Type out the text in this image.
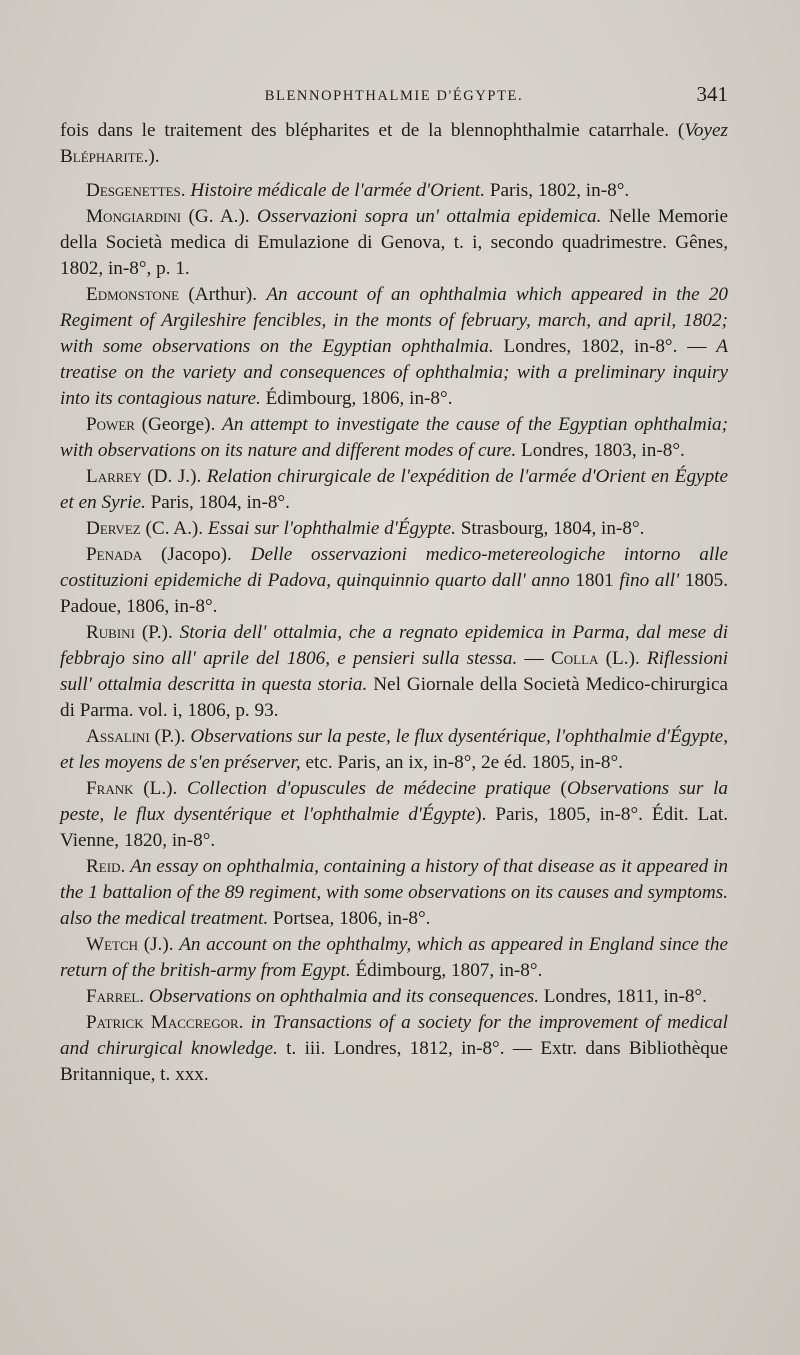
BLENNOPHTHALMIE D'ÉGYPTE.	341

fois dans le traitement des blépharites et de la blennophthalmie catarrhale. (Voyez Blépharite.).

Desgenettes. Histoire médicale de l'armée d'Orient. Paris, 1802, in-8°.

Mongiardini (G. A.). Osservazioni sopra un' ottalmia epidemica. Nelle Memorie della Società medica di Emulazione di Genova, t. i, secondo quadrimestre. Gênes, 1802, in-8°, p. 1.

Edmonstone (Arthur). An account of an ophthalmia which appeared in the 20 Regiment of Argileshire fencibles, in the monts of february, march, and april, 1802; with some observations on the Egyptian ophthalmia. Londres, 1802, in-8°. — A treatise on the variety and consequences of ophthalmia; with a preliminary inquiry into its contagious nature. Édimbourg, 1806, in-8°.

Power (George). An attempt to investigate the cause of the Egyptian ophthalmia; with observations on its nature and different modes of cure. Londres, 1803, in-8°.

Larrey (D. J.). Relation chirurgicale de l'expédition de l'armée d'Orient en Égypte et en Syrie. Paris, 1804, in-8°.

Dervez (C. A.). Essai sur l'ophthalmie d'Égypte. Strasbourg, 1804, in-8°.

Penada (Jacopo). Delle osservazioni medico-metereologiche intorno alle costituzioni epidemiche di Padova, quinquinnio quarto dall' anno 1801 fino all' 1805. Padoue, 1806, in-8°.

Rubini (P.). Storia dell' ottalmia, che a regnato epidemica in Parma, dal mese di febbrajo sino all' aprile del 1806, e pensieri sulla stessa. — Colla (L.). Riflessioni sull' ottalmia descritta in questa storia. Nel Giornale della Società Medico-chirurgica di Parma. vol. i, 1806, p. 93.

Assalini (P.). Observations sur la peste, le flux dysentérique, l'ophthalmie d'Égypte, et les moyens de s'en préserver, etc. Paris, an ix, in-8°, 2e éd. 1805, in-8°.

Frank (L.). Collection d'opuscules de médecine pratique (Observations sur la peste, le flux dysentérique et l'ophthalmie d'Égypte). Paris, 1805, in-8°. Édit. Lat. Vienne, 1820, in-8°.

Reid. An essay on ophthalmia, containing a history of that disease as it appeared in the 1 battalion of the 89 regiment, with some observations on its causes and symptoms. also the medical treatment. Portsea, 1806, in-8°.

Wetch (J.). An account on the ophthalmy, which as appeared in England since the return of the british-army from Egypt. Édimbourg, 1807, in-8°.

Farrel. Observations on ophthalmia and its consequences. Londres, 1811, in-8°.

Patrick Maccregor. in Transactions of a society for the improvement of medical and chirurgical knowledge. t. iii. Londres, 1812, in-8°. — Extr. dans Bibliothèque Britannique, t. xxx.
